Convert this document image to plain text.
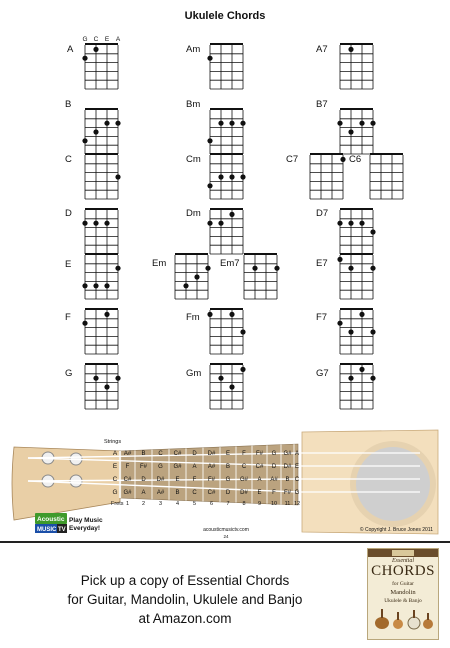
Ukulele Chords
A	Am	A7
B	Bm	B7
C	Cm	C7	C6
D	Dm	D7
E	Em	Em7	E7
F	Fm	F7
G	Gm	G7
G C E A
Strings
Frets
A A# B C C# D D# E F F# G G# A
E F F# G G# A A# B C C# D D# E
C C# D D# E F F# G G# A A# B C
G G# A A# B C C# D D# E F F# G
1 2	3	4	5	6 7 8 9 10 11 12
Acoustic
MUSIC TV
Play Music
Everyday!	acousticmusictv.com
24
© Copyright J. Bruce Jones 2011
Pick up a copy of Essential Chords
for Guitar, Mandolin, Ukulele and Banjo
at Amazon.com
Essential
CHORDS
for Guitar
Mandolin
Ukulele & Banjo
